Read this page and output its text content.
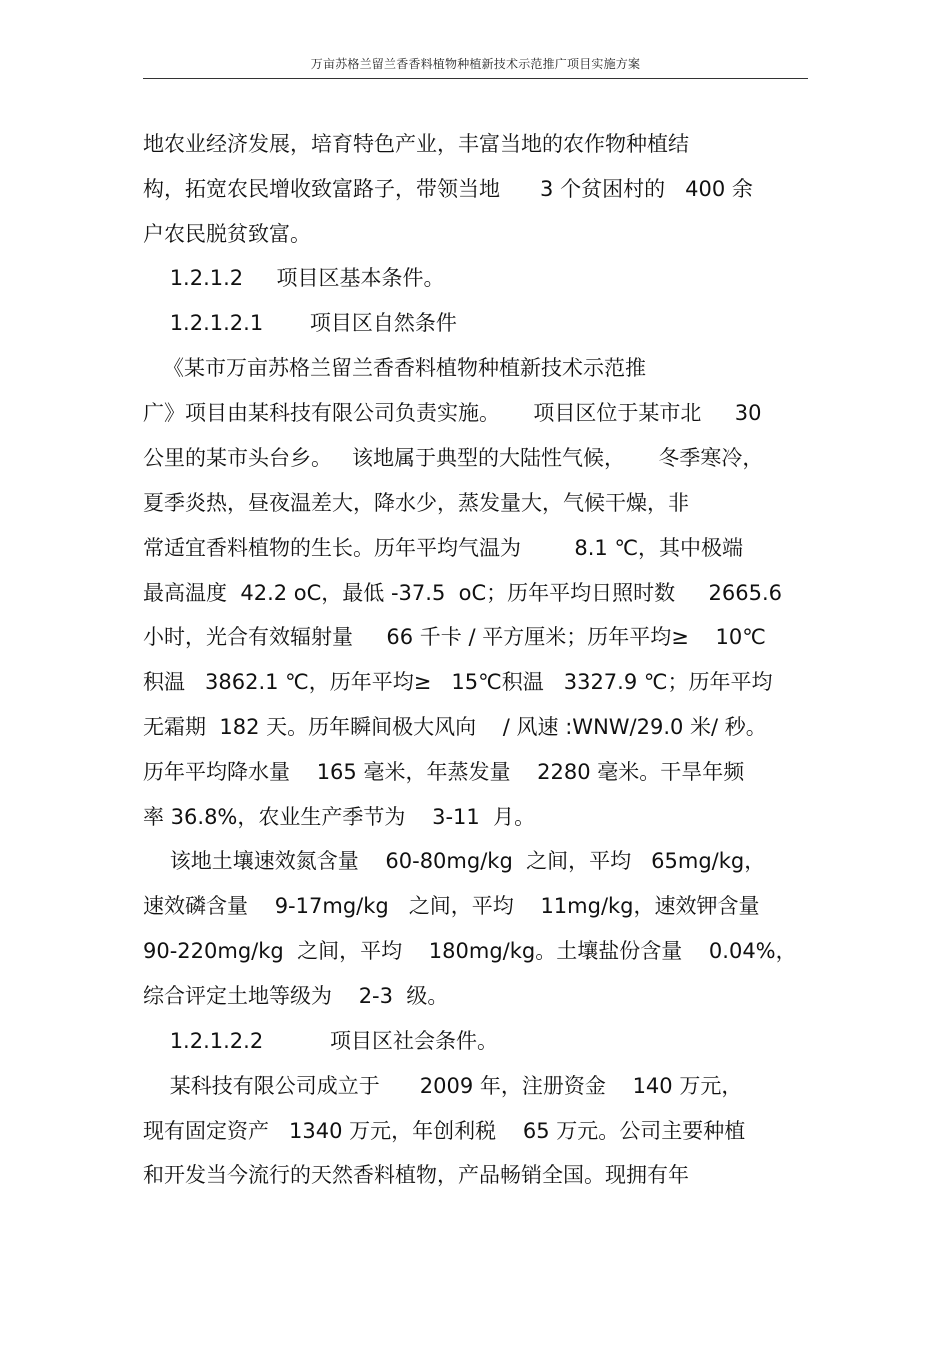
万亩苏格兰留兰香香料植物种植新技术示范推广项目实施方案
地农业经济发展，培育特色产业，丰富当地的农作物种植结
构，拓宽农民增收致富路子，带领当地      3 个贫困村的   400 余
户农民脱贫致富。
1.2.1.2     项目区基本条件。
1.2.1.2.1       项目区自然条件
《某市万亩苏格兰留兰香香料植物种植新技术示范推
广》项目由某科技有限公司负责实施。     项目区位于某市北     30
公里的某市头台乡。   该地属于典型的大陆性气候，     冬季寒冷，
夏季炎热，昼夜温差大，降水少，蒸发量大，气候干燥，非
常适宜香料植物的生长。历年平均气温为        8.1 ℃，其中极端
最高温度  42.2 oC，最低 -37.5  oC；历年平均日照时数     2665.6
小时，光合有效辐射量     66 千卡 / 平方厘米；历年平均≥    10℃
积温   3862.1 ℃，历年平均≥   15℃积温   3327.9 ℃；历年平均
无霜期  182 天。历年瞬间极大风向    / 风速 :WNW/29.0 米/ 秒。
历年平均降水量    165 毫米，年蒸发量    2280 毫米。干旱年频
率 36.8%，农业生产季节为    3-11  月。
该地土壤速效氮含量    60-80mg/kg  之间，平均   65mg/kg，
速效磷含量    9-17mg/kg   之间，平均    11mg/kg，速效钾含量
90-220mg/kg  之间，平均    180mg/kg。土壤盐份含量    0.04%，
综合评定土地等级为    2-3  级。
1.2.1.2.2          项目区社会条件。
某科技有限公司成立于      2009 年，注册资金    140 万元，
现有固定资产   1340 万元，年创利税    65 万元。公司主要种植
和开发当今流行的天然香料植物，产品畅销全国。现拥有年
